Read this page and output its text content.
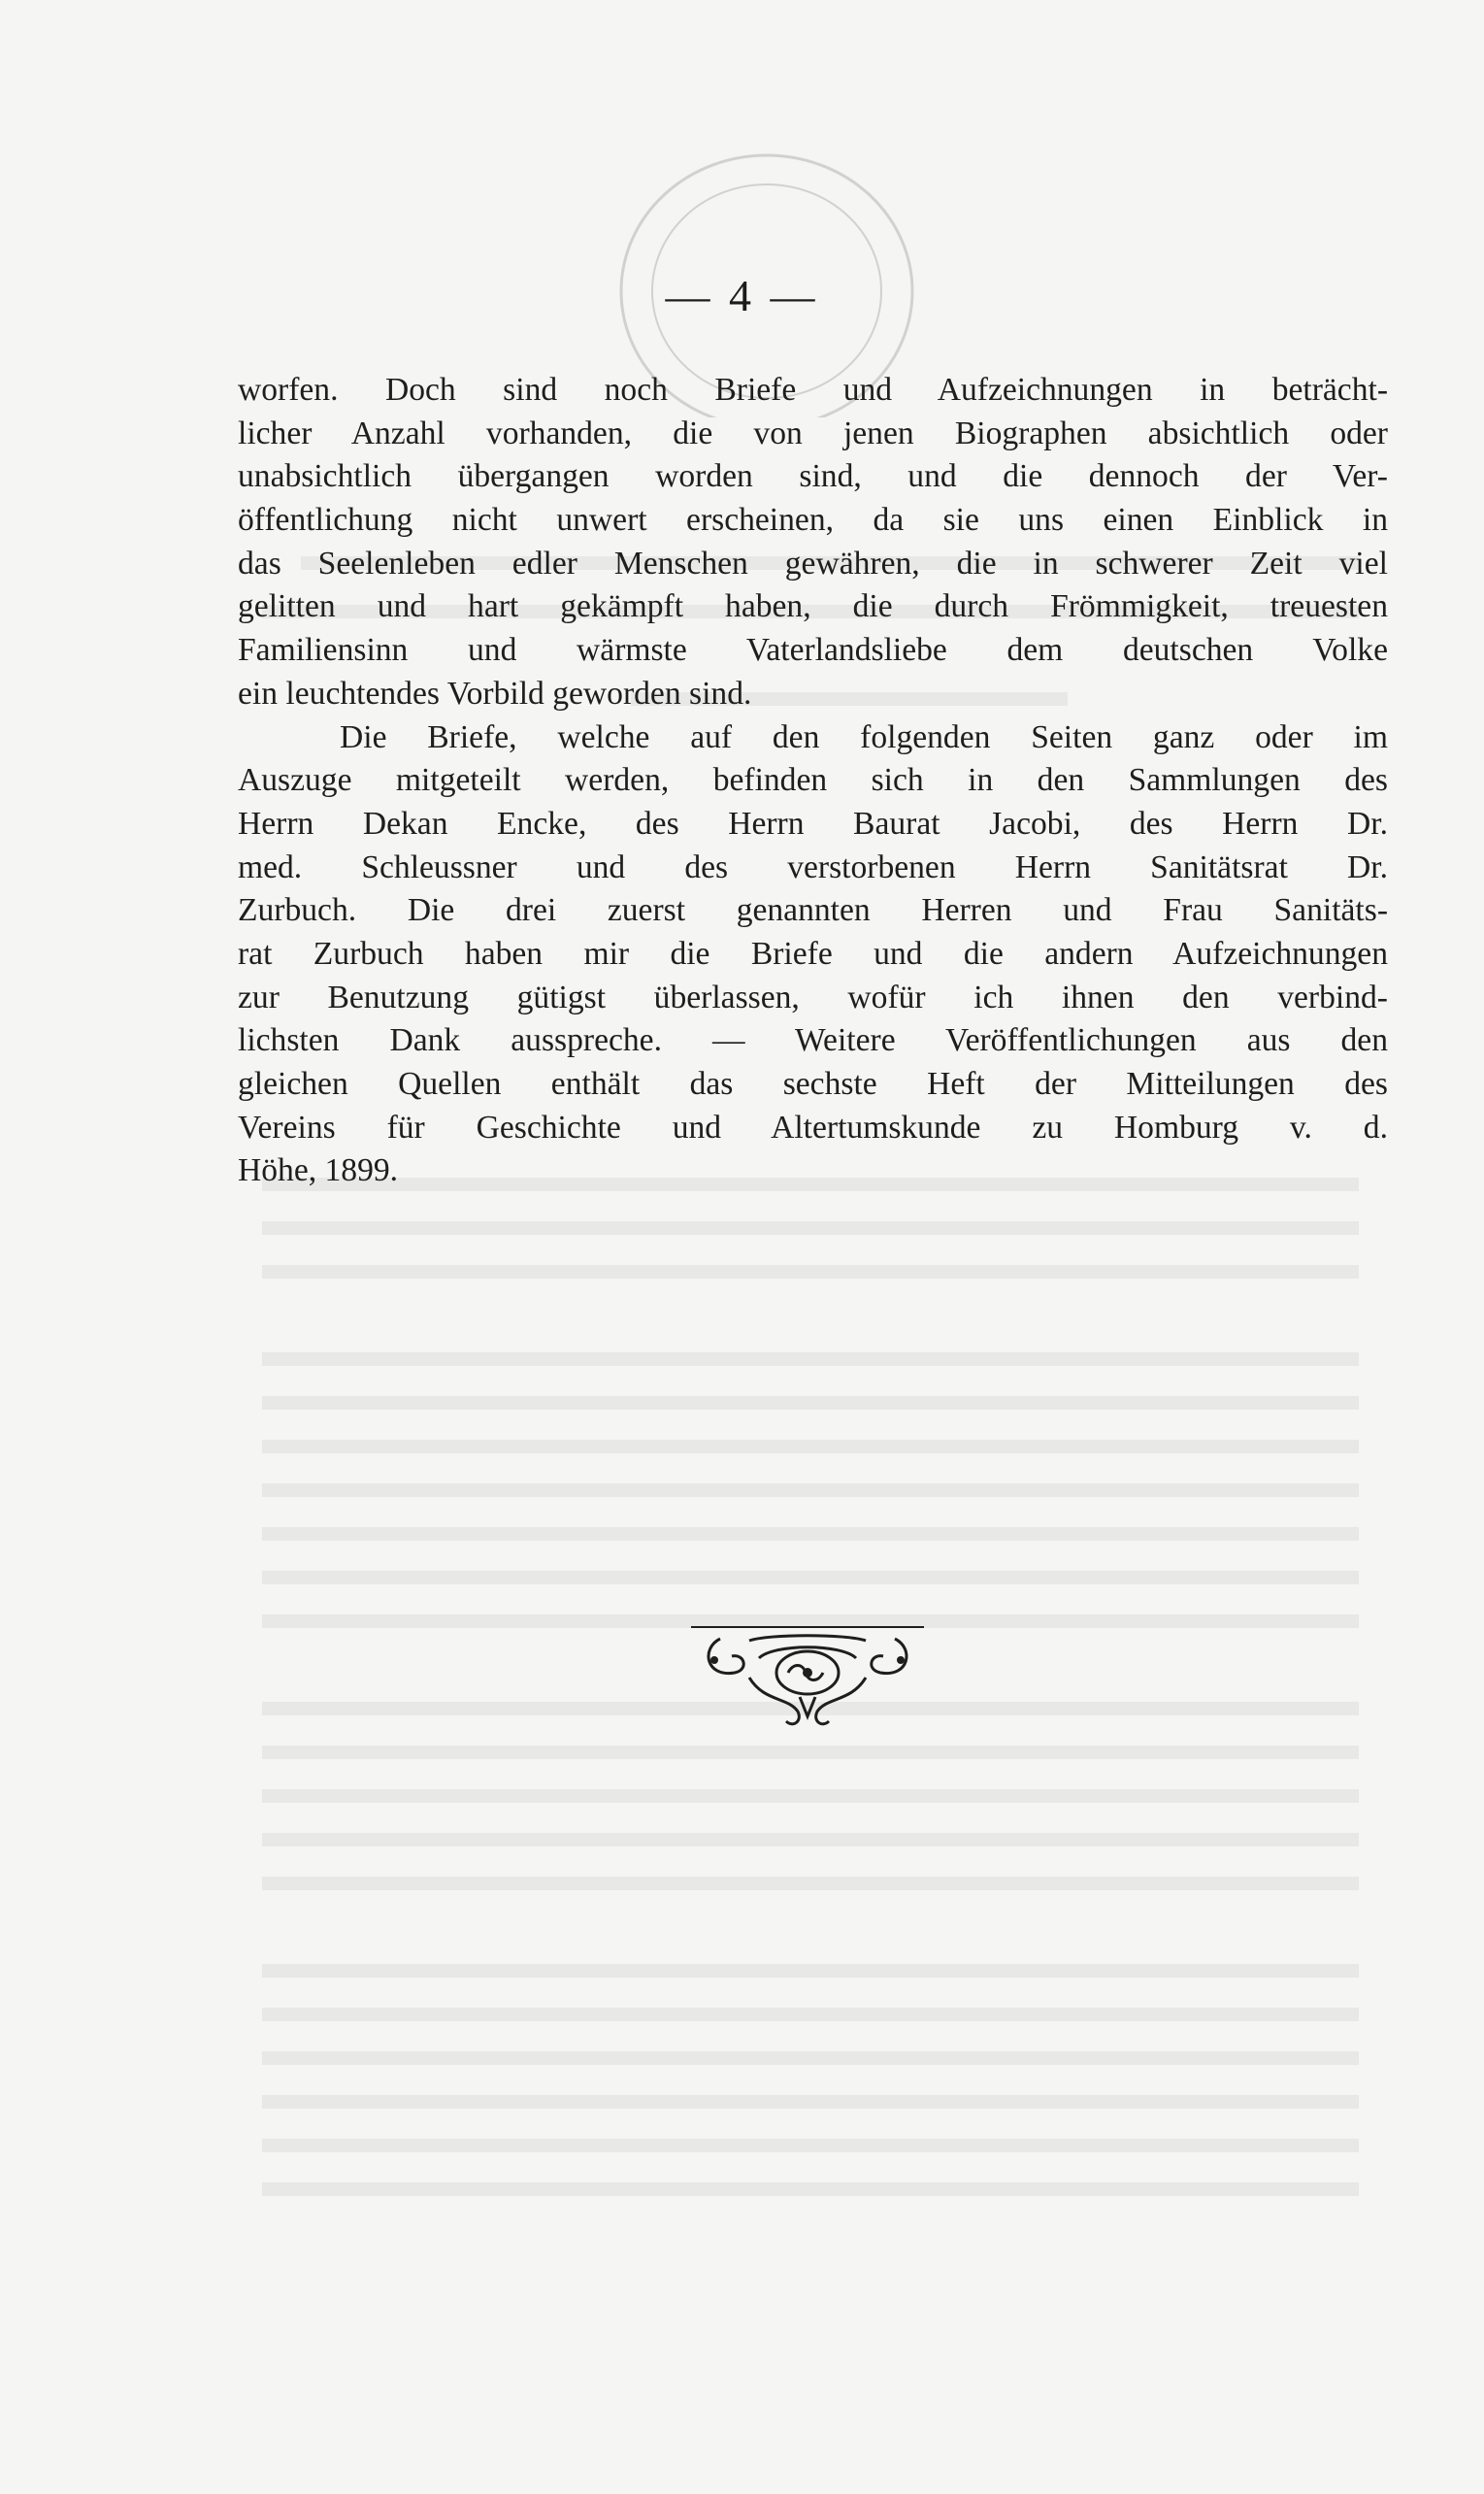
— 4 —
worfen. Doch sind noch Briefe und Aufzeichnungen in beträcht-
licher Anzahl vorhanden, die von jenen Biographen absichtlich oder
unabsichtlich übergangen worden sind, und die dennoch der Ver-
öffentlichung nicht unwert erscheinen, da sie uns einen Einblick in
das Seelenleben edler Menschen gewähren, die in schwerer Zeit viel
gelitten und hart gekämpft haben, die durch Frömmigkeit, treuesten
Familiensinn und wärmste Vaterlandsliebe dem deutschen Volke
ein leuchtendes Vorbild geworden sind.
Die Briefe, welche auf den folgenden Seiten ganz oder im
Auszuge mitgeteilt werden, befinden sich in den Sammlungen des
Herrn Dekan Encke, des Herrn Baurat Jacobi, des Herrn Dr.
med. Schleussner und des verstorbenen Herrn Sanitätsrat Dr.
Zurbuch. Die drei zuerst genannten Herren und Frau Sanitäts-
rat Zurbuch haben mir die Briefe und die andern Aufzeichnungen
zur Benutzung gütigst überlassen, wofür ich ihnen den verbind-
lichsten Dank ausspreche. — Weitere Veröffentlichungen aus den
gleichen Quellen enthält das sechste Heft der Mitteilungen des
Vereins für Geschichte und Altertumskunde zu Homburg v. d.
Höhe, 1899.
